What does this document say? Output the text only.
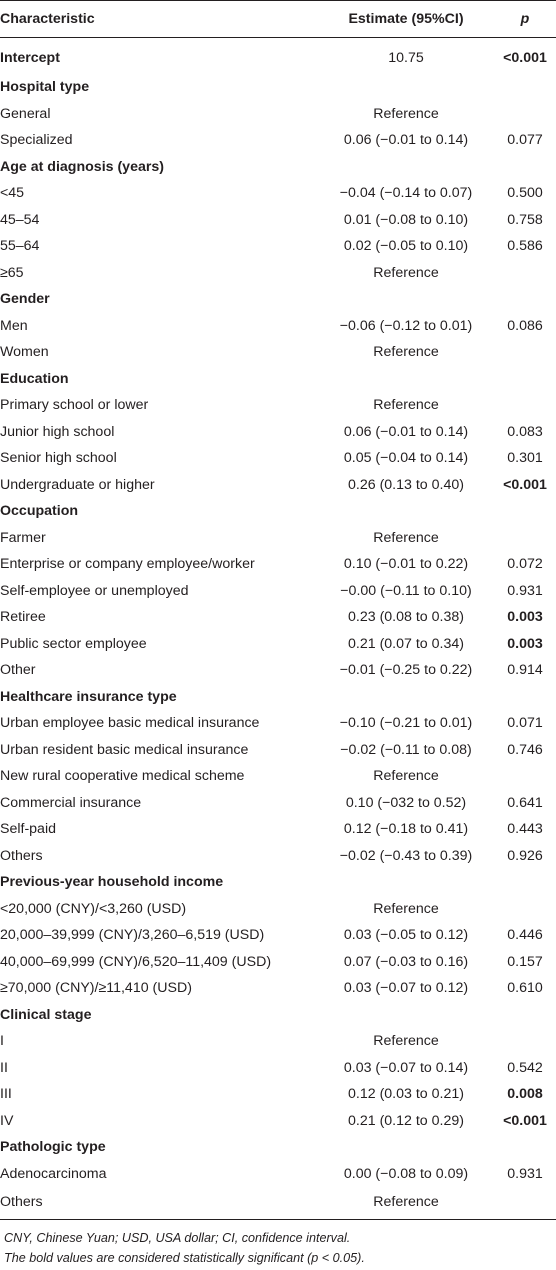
Characteristic	Estimate (95%CI)	p
Intercept	10.75	<0.001
Hospital type		
General	Reference	
Specialized	0.06 (−0.01 to 0.14)	0.077
Age at diagnosis (years)		
<45	−0.04 (−0.14 to 0.07)	0.500
45–54	0.01 (−0.08 to 0.10)	0.758
55–64	0.02 (−0.05 to 0.10)	0.586
≥65	Reference	
Gender		
Men	−0.06 (−0.12 to 0.01)	0.086
Women	Reference	
Education		
Primary school or lower	Reference	
Junior high school	0.06 (−0.01 to 0.14)	0.083
Senior high school	0.05 (−0.04 to 0.14)	0.301
Undergraduate or higher	0.26 (0.13 to 0.40)	<0.001
Occupation		
Farmer	Reference	
Enterprise or company employee/worker	0.10 (−0.01 to 0.22)	0.072
Self-employee or unemployed	−0.00 (−0.11 to 0.10)	0.931
Retiree	0.23 (0.08 to 0.38)	0.003
Public sector employee	0.21 (0.07 to 0.34)	0.003
Other	−0.01 (−0.25 to 0.22)	0.914
Healthcare insurance type		
Urban employee basic medical insurance	−0.10 (−0.21 to 0.01)	0.071
Urban resident basic medical insurance	−0.02 (−0.11 to 0.08)	0.746
New rural cooperative medical scheme	Reference	
Commercial insurance	0.10 (−032 to 0.52)	0.641
Self-paid	0.12 (−0.18 to 0.41)	0.443
Others	−0.02 (−0.43 to 0.39)	0.926
Previous-year household income		
<20,000 (CNY)/<3,260 (USD)	Reference	
20,000–39,999 (CNY)/3,260–6,519 (USD)	0.03 (−0.05 to 0.12)	0.446
40,000–69,999 (CNY)/6,520–11,409 (USD)	0.07 (−0.03 to 0.16)	0.157
≥70,000 (CNY)/≥11,410 (USD)	0.03 (−0.07 to 0.12)	0.610
Clinical stage		
I	Reference	
II	0.03 (−0.07 to 0.14)	0.542
III	0.12 (0.03 to 0.21)	0.008
IV	0.21 (0.12 to 0.29)	<0.001
Pathologic type		
Adenocarcinoma	0.00 (−0.08 to 0.09)	0.931
Others	Reference	
CNY, Chinese Yuan; USD, USA dollar; CI, confidence interval.
The bold values are considered statistically significant (p < 0.05).
